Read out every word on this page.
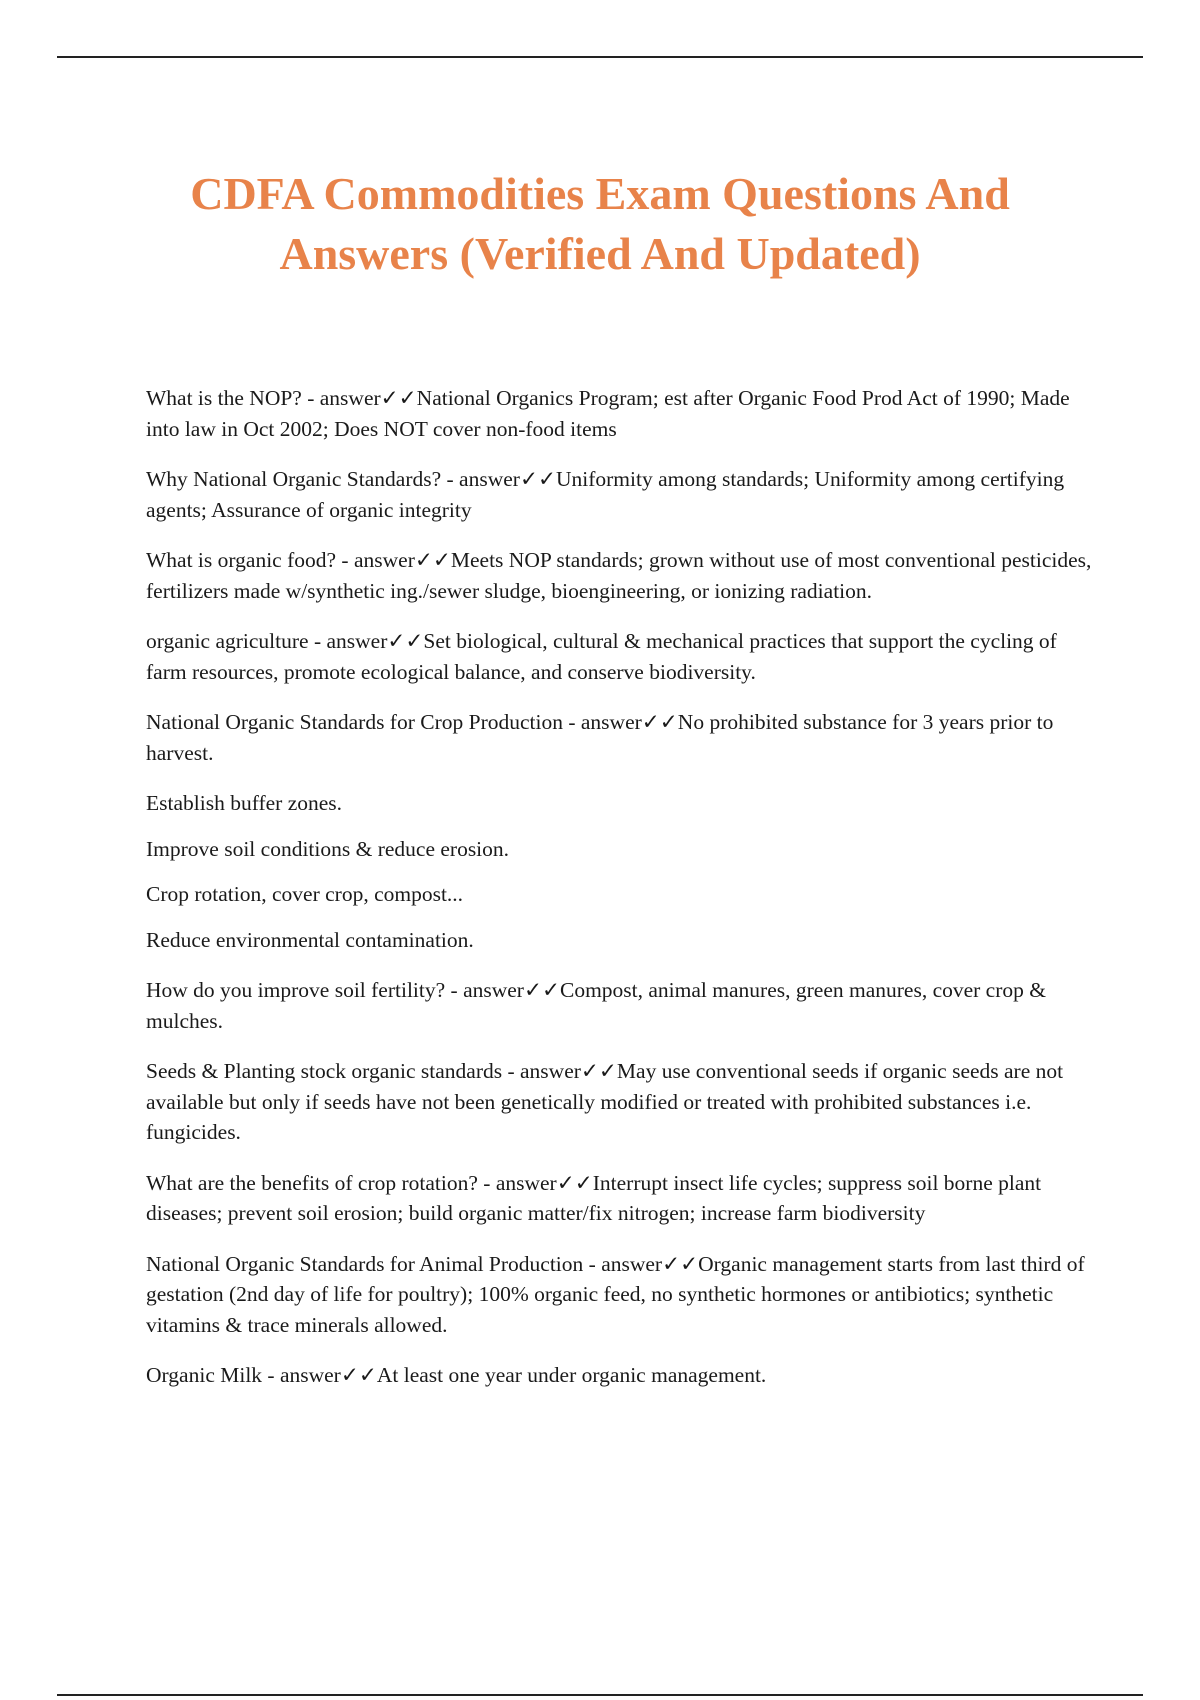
CDFA Commodities Exam Questions And
Answers (Verified And Updated)

What is the NOP? - answer✓✓National Organics Program; est after Organic Food Prod Act of 1990; Made into law in Oct 2002; Does NOT cover non-food items

Why National Organic Standards? - answer✓✓Uniformity among standards; Uniformity among certifying agents; Assurance of organic integrity

What is organic food? - answer✓✓Meets NOP standards; grown without use of most conventional pesticides, fertilizers made w/synthetic ing./sewer sludge, bioengineering, or ionizing radiation.

organic agriculture - answer✓✓Set biological, cultural & mechanical practices that support the cycling of farm resources, promote ecological balance, and conserve biodiversity.

National Organic Standards for Crop Production - answer✓✓No prohibited substance for 3 years prior to harvest.

Establish buffer zones.

Improve soil conditions & reduce erosion.

Crop rotation, cover crop, compost...

Reduce environmental contamination.

How do you improve soil fertility? - answer✓✓Compost, animal manures, green manures, cover crop & mulches.

Seeds & Planting stock organic standards - answer✓✓May use conventional seeds if organic seeds are not available but only if seeds have not been genetically modified or treated with prohibited substances i.e. fungicides.

What are the benefits of crop rotation? - answer✓✓Interrupt insect life cycles; suppress soil borne plant diseases; prevent soil erosion; build organic matter/fix nitrogen; increase farm biodiversity

National Organic Standards for Animal Production - answer✓✓Organic management starts from last third of gestation (2nd day of life for poultry); 100% organic feed, no synthetic hormones or antibiotics; synthetic vitamins & trace minerals allowed.

Organic Milk - answer✓✓At least one year under organic management.
